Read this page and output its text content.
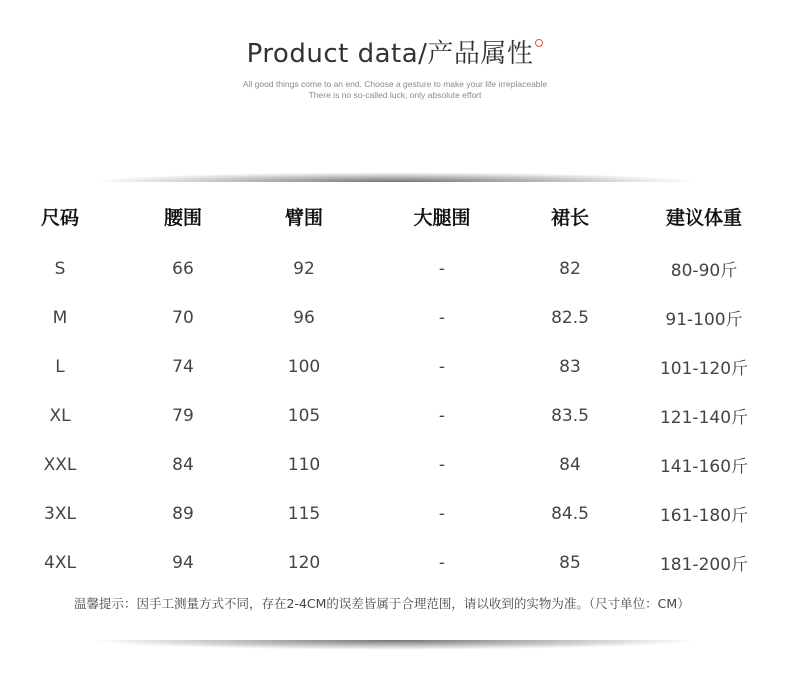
Product data/产品属性
All good things come to an end. Choose a gesture to make your life irreplaceable
There is no so-called luck, only absolute effort
尺码	腰围	臂围	大腿围	裙长	建议体重
S	66	92	-	82	80-90斤
M	70	96	-	82.5	91-100斤
L	74	100	-	83	101-120斤
XL	79	105	-	83.5	121-140斤
XXL	84	110	-	84	141-160斤
3XL	89	115	-	84.5	161-180斤
4XL	94	120	-	85	181-200斤
温馨提示：因手工测量方式不同，存在2-4CM的误差皆属于合理范围，请以收到的实物为准。（尺寸单位：CM）
